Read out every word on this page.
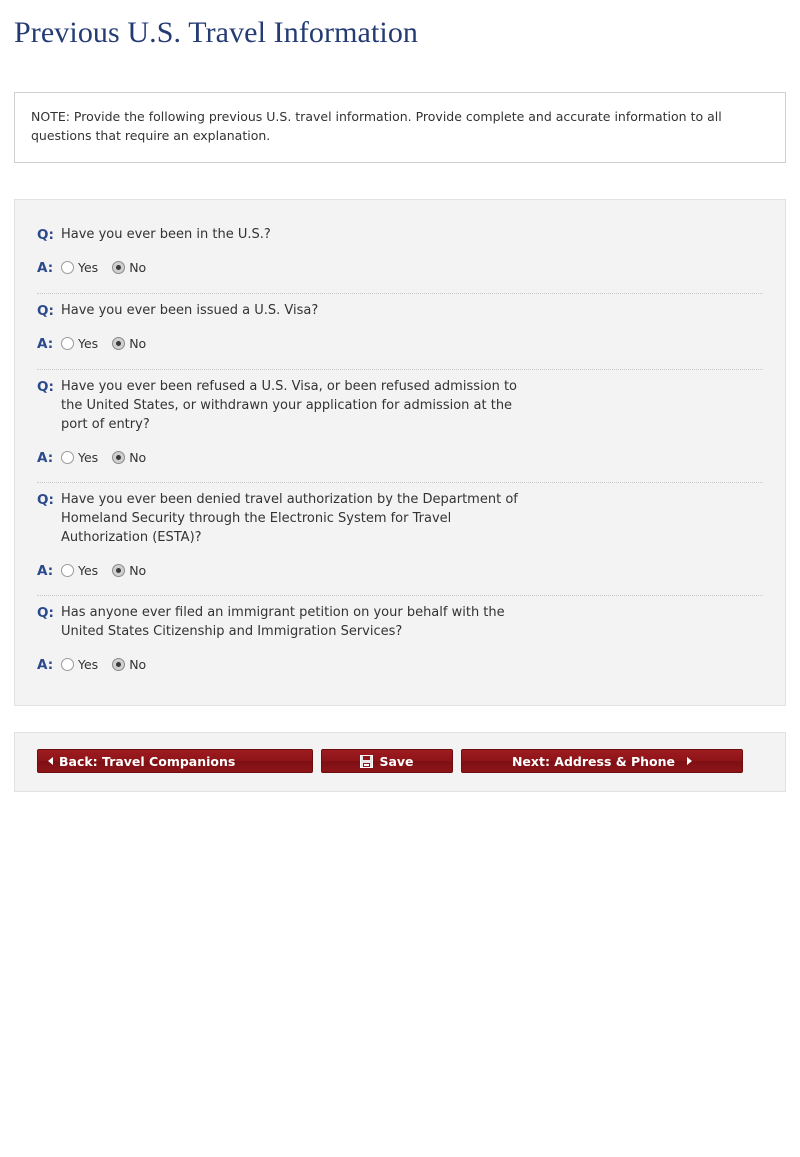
Previous U.S. Travel Information
NOTE: Provide the following previous U.S. travel information. Provide complete and accurate information to all questions that require an explanation.
Q: Have you ever been in the U.S.?
A:	Yes No
Q: Have you ever been issued a U.S. Visa?
A:	Yes No
Q: Have you ever been refused a U.S. Visa, or been refused admission to the United States, or withdrawn your application for admission at the port of entry?
A:	Yes No
Q: Have you ever been denied travel authorization by the Department of Homeland Security through the Electronic System for Travel Authorization (ESTA)?
A:	Yes No
Q: Has anyone ever filed an immigrant petition on your behalf with the United States Citizenship and Immigration Services?
A:	Yes No
Back: Travel Companions	Save	Next: Address & Phone
